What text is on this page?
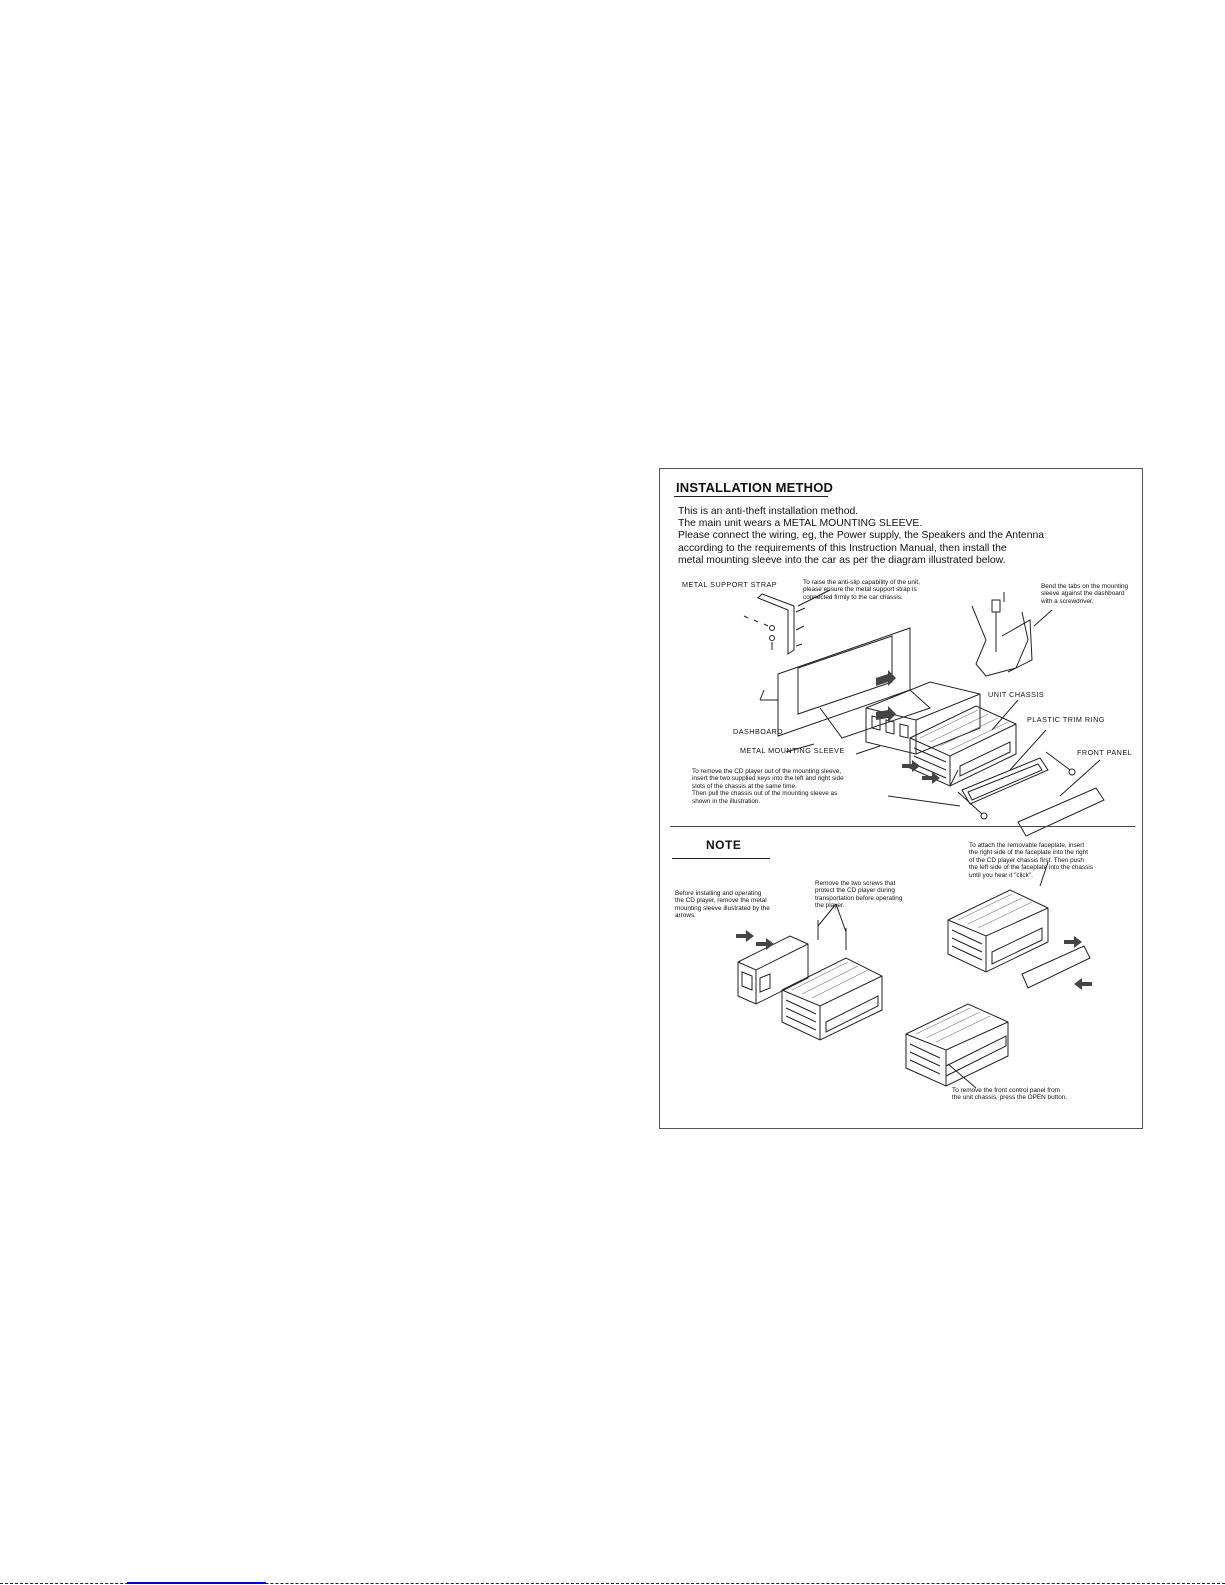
INSTALLATION METHOD

This is an anti-theft installation method.
The main unit wears a METAL MOUNTING SLEEVE.
Please connect the wiring, eg, the Power supply, the Speakers and the Antenna
according to the requirements of this Instruction Manual, then install the
metal mounting sleeve into the car as per the diagram illustrated below.

METAL SUPPORT STRAP
DASHBOARD
METAL MOUNTING SLEEVE
UNIT CHASSIS
PLASTIC TRIM RING
FRONT PANEL

To raise the anti-slip capability of the unit,
please ensure the metal support strap is
connected firmly to the car chassis.

Bend the tabs on the mounting
sleeve against the dashboard
with a screwdriver.

To remove the CD player out of the mounting sleeve,
insert the two supplied keys into the left and right side
slots of the chassis at the same time.
Then pull the chassis out of the mounting sleeve as
shown in the illustration.

NOTE

Before installing and operating
the CD player, remove the metal
mounting sleeve illustrated by the
arrows.

Remove the two screws that
protect the CD player during
transportation before operating
the player.

To attach the removable faceplate, insert
the right side of the faceplate into the right
of the CD player chassis first. Then push
the left side of the faceplate into the chassis
until you hear it "click".

To remove the front control panel from
the unit chassis, press the OPEN button.
